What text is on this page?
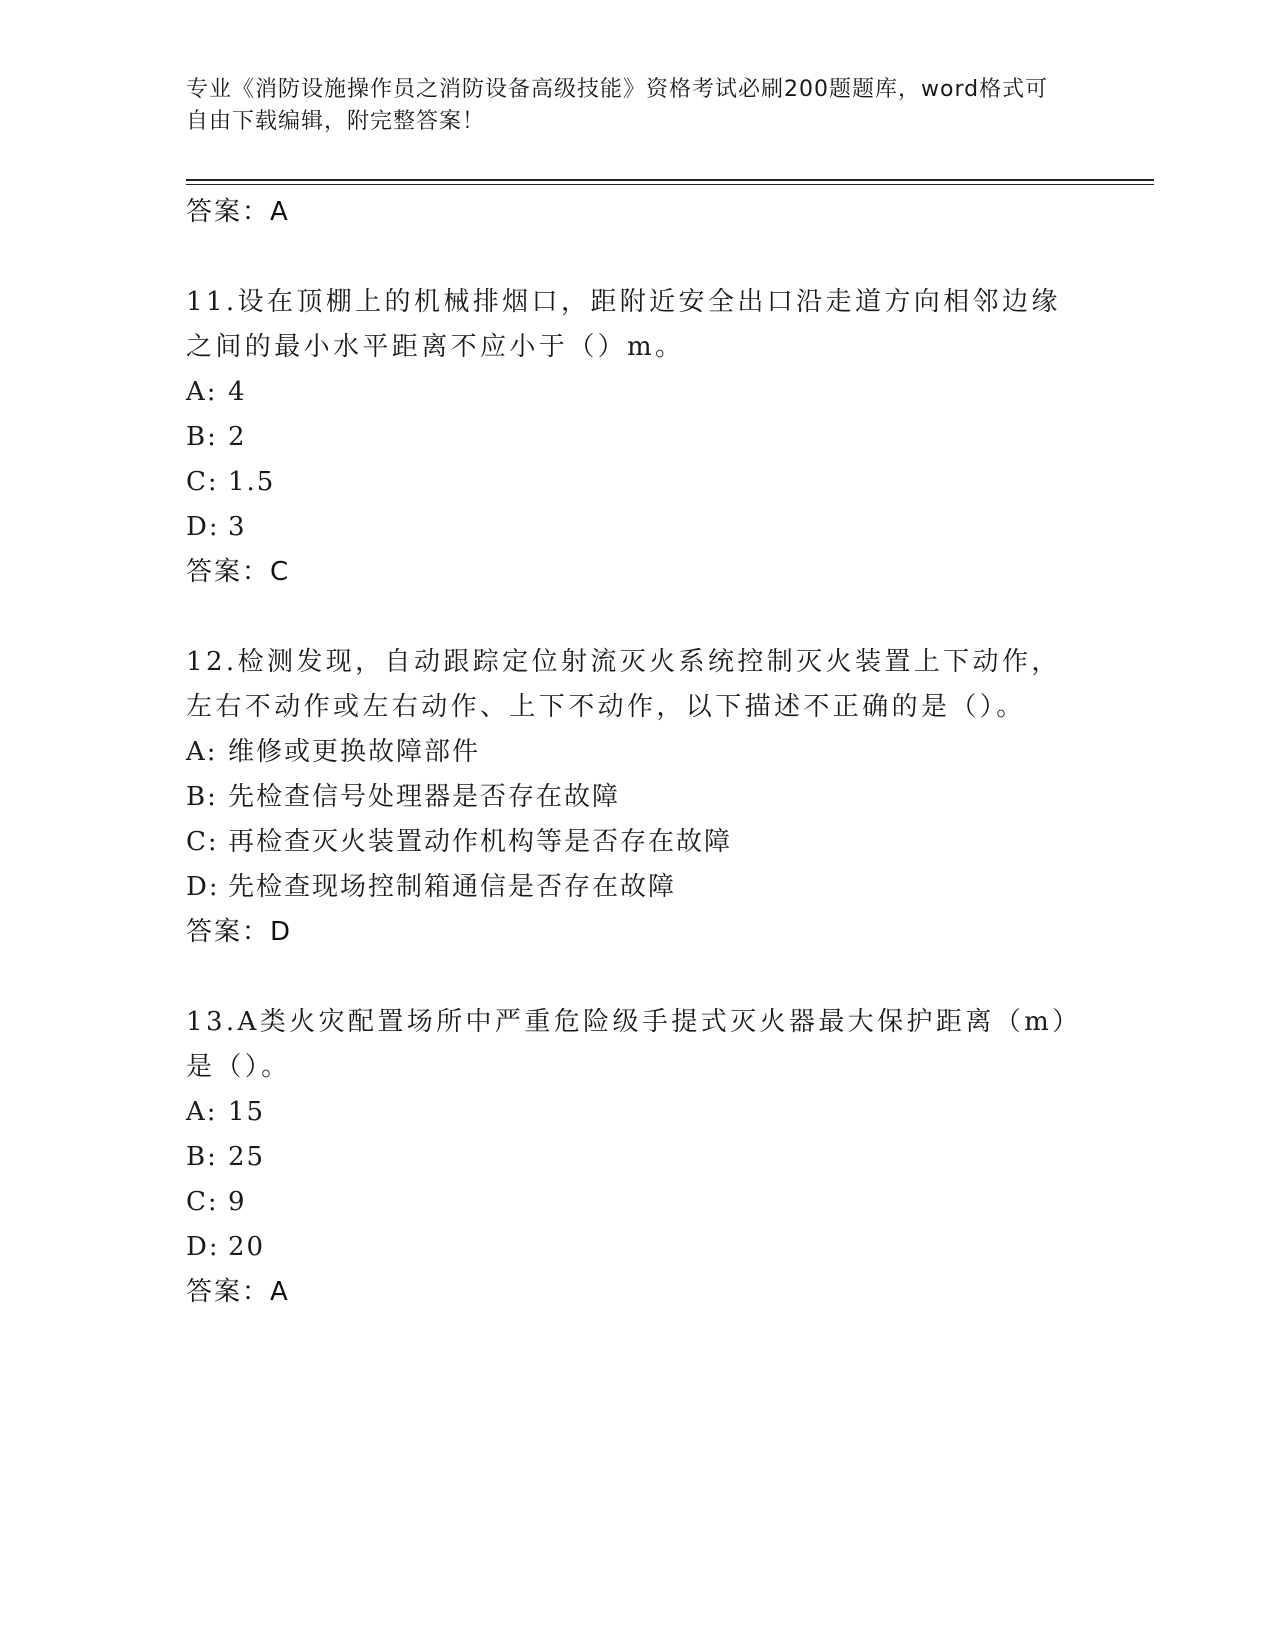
专业《消防设施操作员之消防设备高级技能》资格考试必刷200题题库，word格式可自由下载编辑，附完整答案！
答案：A
11.设在顶棚上的机械排烟口，距附近安全出口沿走道方向相邻边缘之间的最小水平距离不应小于（）m。
A: 4
B: 2
C: 1.5
D: 3
答案：C
12.检测发现，自动跟踪定位射流灭火系统控制灭火装置上下动作，左右不动作或左右动作、上下不动作，以下描述不正确的是（）。
A: 维修或更换故障部件
B: 先检查信号处理器是否存在故障
C: 再检查灭火装置动作机构等是否存在故障
D: 先检查现场控制箱通信是否存在故障
答案：D
13.A类火灾配置场所中严重危险级手提式灭火器最大保护距离（m）是（）。
A: 15
B: 25
C: 9
D: 20
答案：A
